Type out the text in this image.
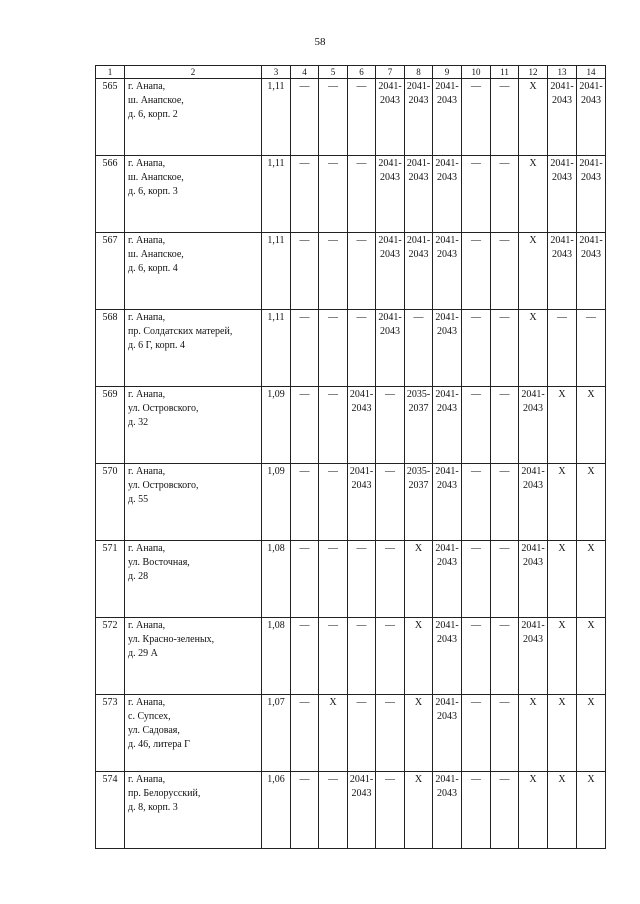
58
1	2	3	4	5	6	7	8	9	10	11	12	13	14
565	г. Анапа,
ш. Анапское,
д. 6, корп. 2	1,11	—	—	—	2041-
2043	2041-
2043	2041-
2043	—	—	Х	2041-
2043	2041-
2043
566	г. Анапа,
ш. Анапское,
д. 6, корп. 3	1,11	—	—	—	2041-
2043	2041-
2043	2041-
2043	—	—	Х	2041-
2043	2041-
2043
567	г. Анапа,
ш. Анапское,
д. 6, корп. 4	1,11	—	—	—	2041-
2043	2041-
2043	2041-
2043	—	—	Х	2041-
2043	2041-
2043
568	г. Анапа,
пр. Солдатских матерей,
д. 6 Г, корп. 4	1,11	—	—	—	2041-
2043	—	2041-
2043	—	—	Х	—	—
569	г. Анапа,
ул. Островского,
д. 32	1,09	—	—	2041-
2043	—	2035-
2037	2041-
2043	—	—	2041-
2043	Х	Х
570	г. Анапа,
ул. Островского,
д. 55	1,09	—	—	2041-
2043	—	2035-
2037	2041-
2043	—	—	2041-
2043	Х	Х
571	г. Анапа,
ул. Восточная,
д. 28	1,08	—	—	—	—	Х	2041-
2043	—	—	2041-
2043	Х	Х
572	г. Анапа,
ул. Красно-зеленых,
д. 29 А	1,08	—	—	—	—	Х	2041-
2043	—	—	2041-
2043	Х	Х
573	г. Анапа,
с. Супсех,
ул. Садовая,
д. 46, литера Г	1,07	—	Х	—	—	Х	2041-
2043	—	—	Х	Х	Х
574	г. Анапа,
пр. Белорусский,
д. 8, корп. 3	1,06	—	—	2041-
2043	—	Х	2041-
2043	—	—	Х	Х	Х
